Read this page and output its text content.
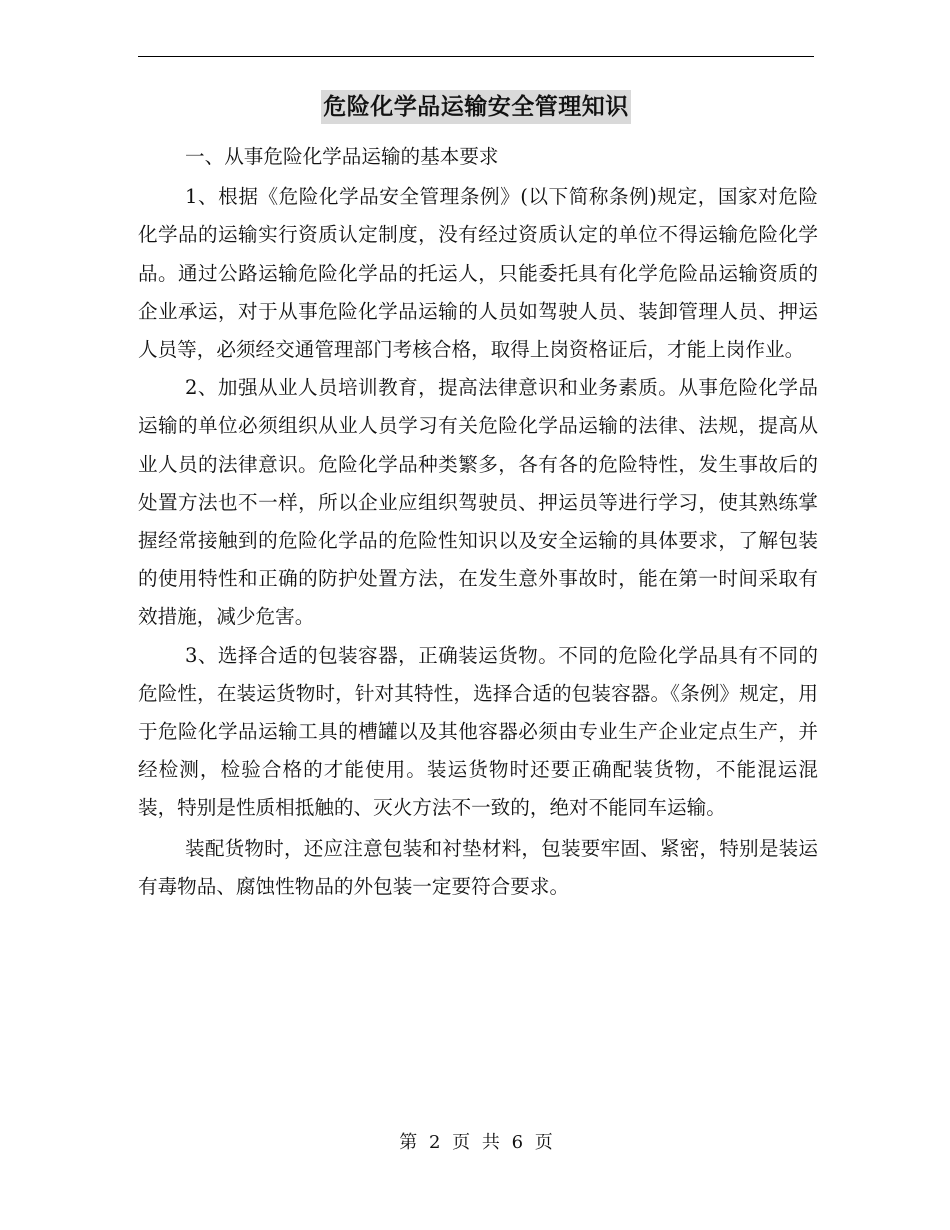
危险化学品运输安全管理知识

一、从事危险化学品运输的基本要求

1、根据《危险化学品安全管理条例》(以下简称条例)规定，国家对危险化学品的运输实行资质认定制度，没有经过资质认定的单位不得运输危险化学品。通过公路运输危险化学品的托运人，只能委托具有化学危险品运输资质的企业承运，对于从事危险化学品运输的人员如驾驶人员、装卸管理人员、押运人员等，必须经交通管理部门考核合格，取得上岗资格证后，才能上岗作业。

2、加强从业人员培训教育，提高法律意识和业务素质。从事危险化学品运输的单位必须组织从业人员学习有关危险化学品运输的法律、法规，提高从业人员的法律意识。危险化学品种类繁多，各有各的危险特性，发生事故后的处置方法也不一样，所以企业应组织驾驶员、押运员等进行学习，使其熟练掌握经常接触到的危险化学品的危险性知识以及安全运输的具体要求，了解包装的使用特性和正确的防护处置方法，在发生意外事故时，能在第一时间采取有效措施，减少危害。

3、选择合适的包装容器，正确装运货物。不同的危险化学品具有不同的危险性，在装运货物时，针对其特性，选择合适的包装容器。《条例》规定，用于危险化学品运输工具的槽罐以及其他容器必须由专业生产企业定点生产，并经检测，检验合格的才能使用。装运货物时还要正确配装货物，不能混运混装，特别是性质相抵触的、灭火方法不一致的，绝对不能同车运输。

装配货物时，还应注意包装和衬垫材料，包装要牢固、紧密，特别是装运有毒物品、腐蚀性物品的外包装一定要符合要求。

第 2 页 共 6 页
